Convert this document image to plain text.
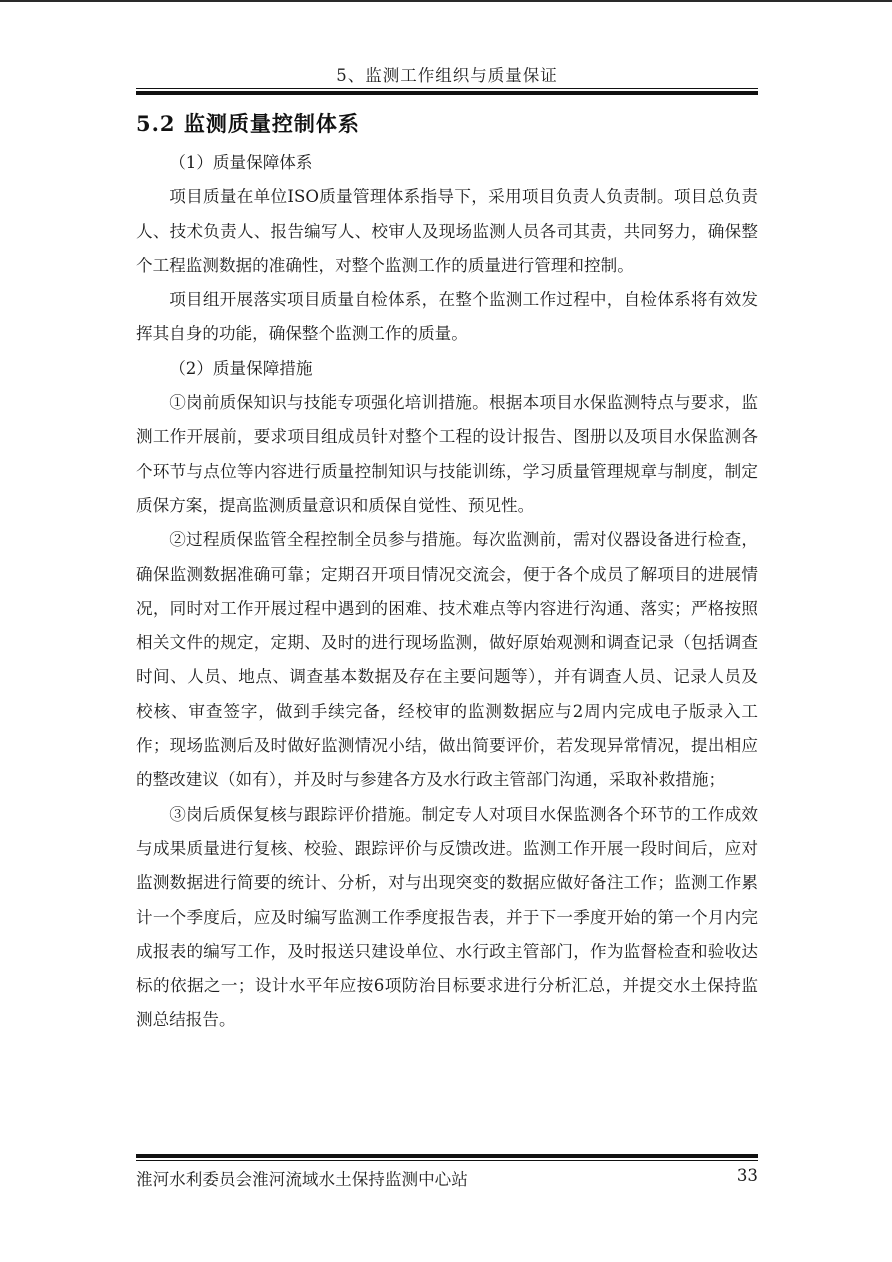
5、监测工作组织与质量保证
5.2 监测质量控制体系

（1）质量保障体系

项目质量在单位ISO质量管理体系指导下，采用项目负责人负责制。项目总负责人、技术负责人、报告编写人、校审人及现场监测人员各司其责，共同努力，确保整个工程监测数据的准确性，对整个监测工作的质量进行管理和控制。

项目组开展落实项目质量自检体系，在整个监测工作过程中，自检体系将有效发挥其自身的功能，确保整个监测工作的质量。

（2）质量保障措施

①岗前质保知识与技能专项强化培训措施。根据本项目水保监测特点与要求，监测工作开展前，要求项目组成员针对整个工程的设计报告、图册以及项目水保监测各个环节与点位等内容进行质量控制知识与技能训练，学习质量管理规章与制度，制定质保方案，提高监测质量意识和质保自觉性、预见性。

②过程质保监管全程控制全员参与措施。每次监测前，需对仪器设备进行检查，确保监测数据准确可靠；定期召开项目情况交流会，便于各个成员了解项目的进展情况，同时对工作开展过程中遇到的困难、技术难点等内容进行沟通、落实；严格按照相关文件的规定，定期、及时的进行现场监测，做好原始观测和调查记录（包括调查时间、人员、地点、调查基本数据及存在主要问题等），并有调查人员、记录人员及校核、审查签字，做到手续完备，经校审的监测数据应与2周内完成电子版录入工作；现场监测后及时做好监测情况小结，做出简要评价，若发现异常情况，提出相应的整改建议（如有），并及时与参建各方及水行政主管部门沟通，采取补救措施；

③岗后质保复核与跟踪评价措施。制定专人对项目水保监测各个环节的工作成效与成果质量进行复核、校验、跟踪评价与反馈改进。监测工作开展一段时间后，应对监测数据进行简要的统计、分析，对与出现突变的数据应做好备注工作；监测工作累计一个季度后，应及时编写监测工作季度报告表，并于下一季度开始的第一个月内完成报表的编写工作，及时报送只建设单位、水行政主管部门，作为监督检查和验收达标的依据之一；设计水平年应按6项防治目标要求进行分析汇总，并提交水土保持监测总结报告。

淮河水利委员会淮河流域水土保持监测中心站	33
